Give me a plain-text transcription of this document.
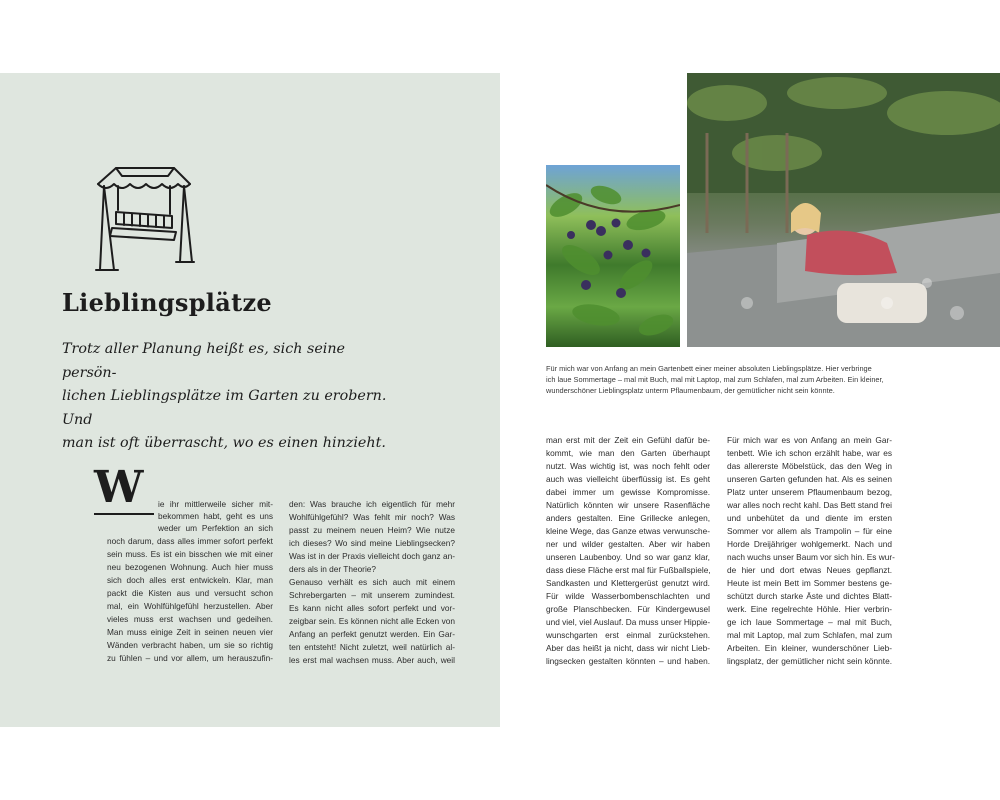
Lieblingsplätze

Trotz aller Planung heißt es, sich seine persön-
lichen Lieblingsplätze im Garten zu erobern. Und
man ist oft überrascht, wo es einen hinzieht.

W ie ihr mittlerweile sicher mit-
bekommen habt, geht es uns
weder um Perfektion an sich
noch darum, dass alles immer sofort perfekt
sein muss. Es ist ein bisschen wie mit einer
neu bezogenen Wohnung. Auch hier muss
sich doch alles erst entwickeln. Klar, man
packt die Kisten aus und versucht schon
mal, ein Wohlfühlgefühl herzustellen. Aber
vieles muss erst wachsen und gedeihen.
Man muss einige Zeit in seinen neuen vier
Wänden verbracht haben, um sie so richtig
zu fühlen – und vor allem, um herauszufin-
den: Was brauche ich eigentlich für mehr
Wohlfühlgefühl? Was fehlt mir noch? Was
passt zu meinem neuen Heim? Wie nutze
ich dieses? Wo sind meine Lieblingsecken?
Was ist in der Praxis vielleicht doch ganz an-
ders als in der Theorie?
Genauso verhält es sich auch mit einem
Schrebergarten – mit unserem zumindest.
Es kann nicht alles sofort perfekt und vor-
zeigbar sein. Es können nicht alle Ecken von
Anfang an perfekt genutzt werden. Ein Gar-
ten entsteht! Nicht zuletzt, weil natürlich al-
les erst mal wachsen muss. Aber auch, weil
Für mich war von Anfang an mein Gartenbett einer meiner absoluten Lieblingsplätze. Hier verbringe
ich laue Sommertage – mal mit Buch, mal mit Laptop, mal zum Schlafen, mal zum Arbeiten. Ein kleiner,
wunderschöner Lieblingsplatz unterm Pflaumenbaum, der gemütlicher nicht sein könnte.
man erst mit der Zeit ein Gefühl dafür be-
kommt, wie man den Garten überhaupt
nutzt. Was wichtig ist, was noch fehlt oder
auch was vielleicht überflüssig ist. Es geht
dabei immer um gewisse Kompromisse.
Natürlich könnten wir unsere Rasenfläche
anders gestalten. Eine Grillecke anlegen,
kleine Wege, das Ganze etwas verwunsche-
ner und wilder gestalten. Aber wir haben
unseren Laubenboy. Und so war ganz klar,
dass diese Fläche erst mal für Fußballspiele,
Sandkasten und Klettergerüst genutzt wird.
Für wilde Wasserbombenschlachten und
große Planschbecken. Für Kindergewusel
und viel, viel Auslauf. Da muss unser Hippie-
wunschgarten erst einmal zurückstehen.
Aber das heißt ja nicht, dass wir nicht Lieb-
lingsecken gestalten könnten – und haben.
Für mich war es von Anfang an mein Gar-
tenbett. Wie ich schon erzählt habe, war es
das allererste Möbelstück, das den Weg in
unseren Garten gefunden hat. Als es seinen
Platz unter unserem Pflaumenbaum bezog,
war alles noch recht kahl. Das Bett stand frei
und unbehütet da und diente im ersten
Sommer vor allem als Trampolin – für eine
Horde Dreijähriger wohlgemerkt. Nach und
nach wuchs unser Baum vor sich hin. Es wur-
de hier und dort etwas Neues gepflanzt.
Heute ist mein Bett im Sommer bestens ge-
schützt durch starke Äste und dichtes Blatt-
werk. Eine regelrechte Höhle. Hier verbrin-
ge ich laue Sommertage – mal mit Buch,
mal mit Laptop, mal zum Schlafen, mal zum
Arbeiten. Ein kleiner, wunderschöner Lieb-
lingsplatz, der gemütlicher nicht sein könnte.
